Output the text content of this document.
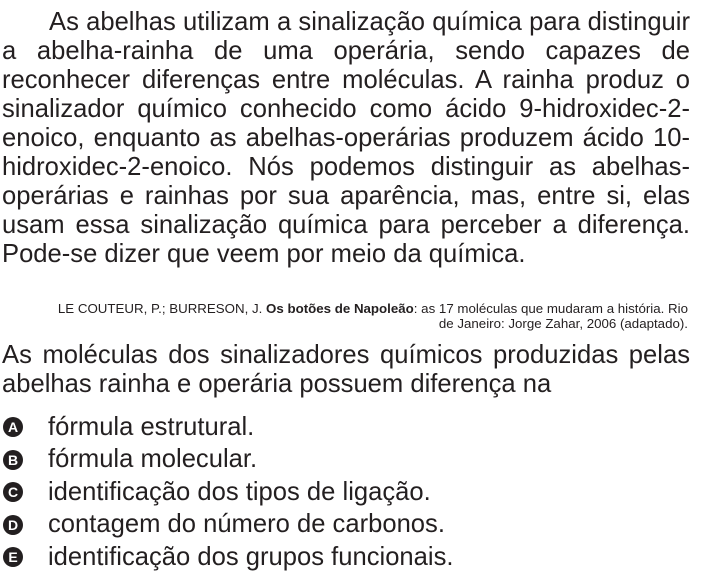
As abelhas utilizam a sinalização química para distinguir a abelha-rainha de uma operária, sendo capazes de reconhecer diferenças entre moléculas. A rainha produz o sinalizador químico conhecido como ácido 9-hidroxidec-2-enoico, enquanto as abelhas-operárias produzem ácido 10-hidroxidec-2-enoico. Nós podemos distinguir as abelhas-operárias e rainhas por sua aparência, mas, entre si, elas usam essa sinalização química para perceber a diferença. Pode-se dizer que veem por meio da química.

LE COUTEUR, P.; BURRESON, J. Os botões de Napoleão: as 17 moléculas que mudaram a história. Rio de Janeiro: Jorge Zahar, 2006 (adaptado).

As moléculas dos sinalizadores químicos produzidas pelas abelhas rainha e operária possuem diferença na

A fórmula estrutural.
B fórmula molecular.
C identificação dos tipos de ligação.
D contagem do número de carbonos.
E identificação dos grupos funcionais.
